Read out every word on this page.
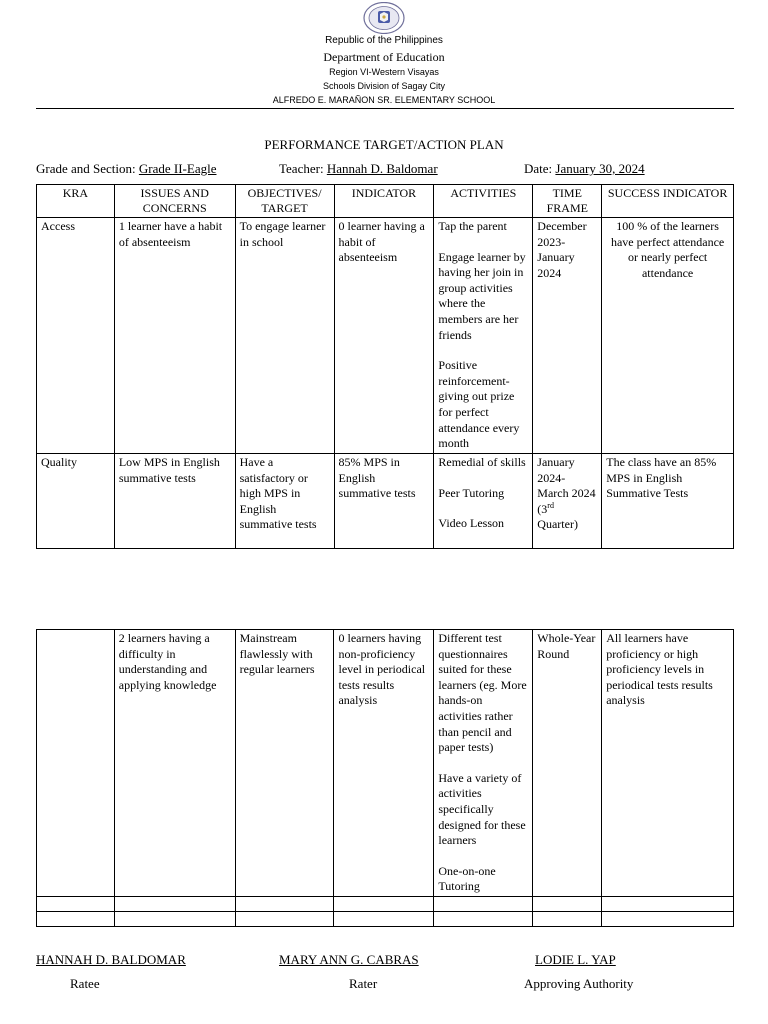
Republic of the Philippines
Department of Education
Region VI-Western Visayas
Schools Division of Sagay City
ALFREDO E. MARAÑON SR. ELEMENTARY SCHOOL
PERFORMANCE TARGET/ACTION PLAN
Grade and Section: Grade II-Eagle	Teacher: Hannah D. Baldomar	Date: January 30, 2024
KRA	ISSUES AND CONCERNS	OBJECTIVES/ TARGET	INDICATOR	ACTIVITIES	TIME FRAME	SUCCESS INDICATOR
Access	1 learner have a habit of absenteeism	To engage learner in school	0 learner having a habit of absenteeism	Tap the parent

Engage learner by having her join in group activities where the members are her friends

Positive reinforcement- giving out prize for perfect attendance every month	December 2023- January 2024	100 % of the learners have perfect attendance or nearly perfect attendance
Quality	Low MPS in English summative tests	Have a satisfactory or high MPS in English summative tests	85% MPS in English summative tests	Remedial of skills

Peer Tutoring

Video Lesson	January 2024- March 2024 (3rd Quarter)	The class have an 85% MPS in English Summative Tests
	2 learners having a difficulty in understanding and applying knowledge	Mainstream flawlessly with regular learners	0 learners having non-proficiency level in periodical tests results analysis	Different test questionnaires suited for these learners (eg. More hands-on activities rather than pencil and paper tests)

Have a variety of activities specifically designed for these learners

One-on-one Tutoring	Whole-Year Round	All learners have proficiency or high proficiency levels in periodical tests results analysis

HANNAH D. BALDOMAR
Ratee
MARY ANN G. CABRAS
Rater
LODIE L. YAP
Approving Authority
